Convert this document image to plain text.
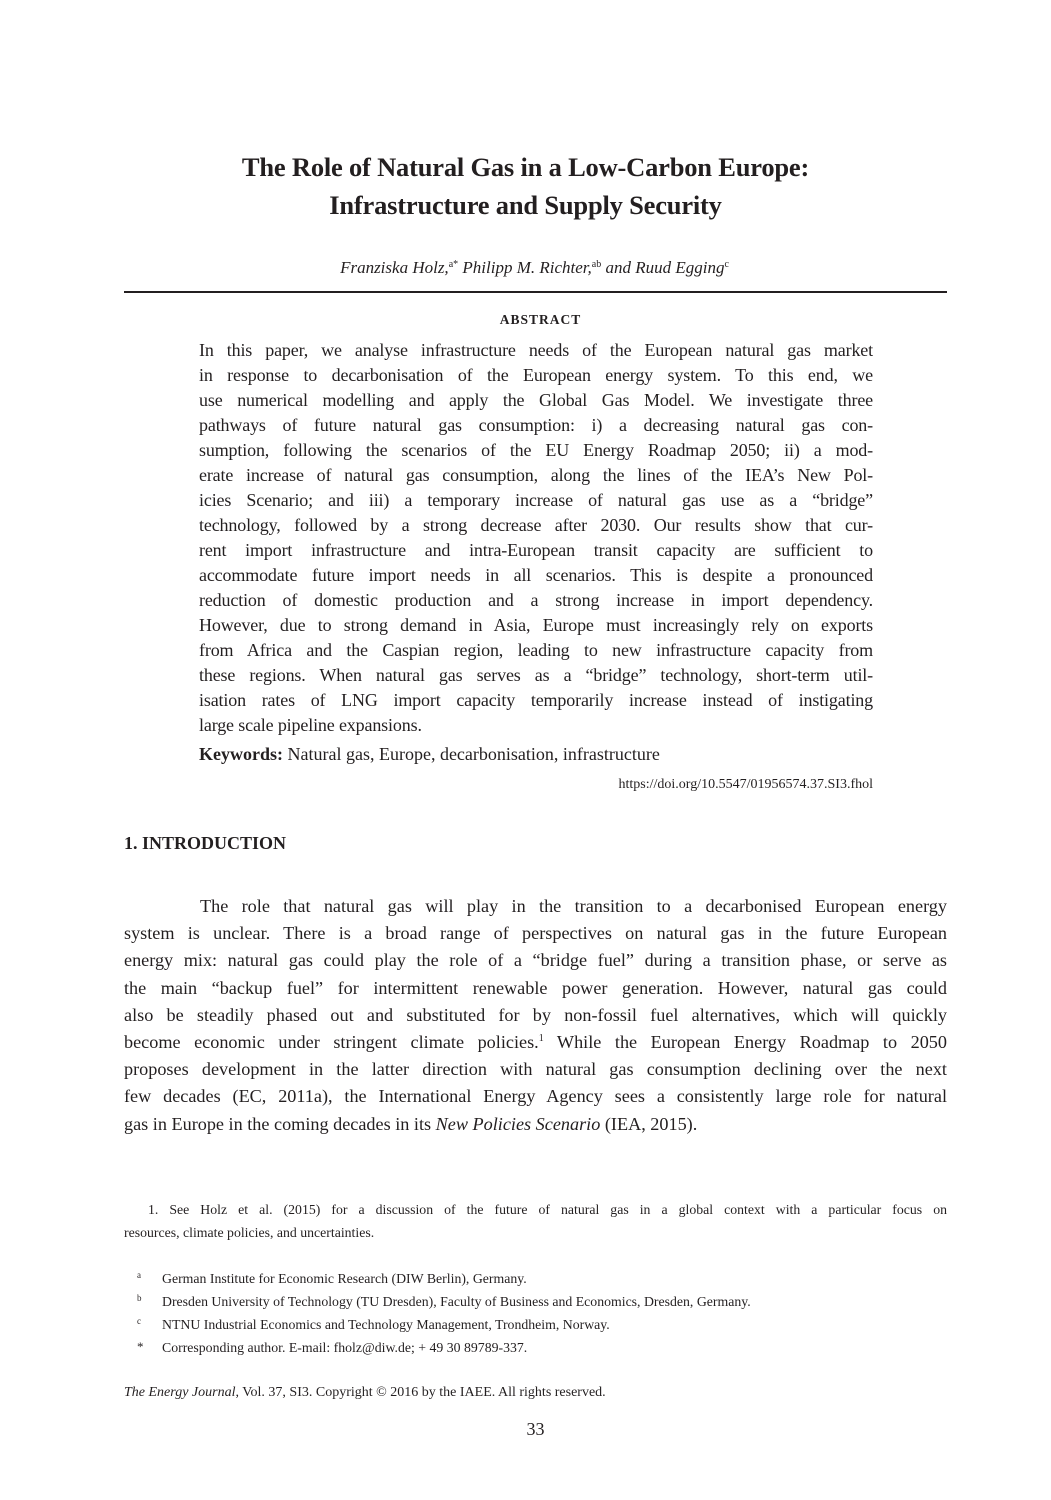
The Role of Natural Gas in a Low-Carbon Europe:
Infrastructure and Supply Security
Franziska Holz,$^{a*}$ Philipp M. Richter,$^{ab}$ and Ruud Egging$^c$
ABSTRACT
In this paper, we analyse infrastructure needs of the European natural gas market
in response to decarbonisation of the European energy system. To this end, we
use numerical modelling and apply the Global Gas Model. We investigate three
pathways of future natural gas consumption: i) a decreasing natural gas con-
sumption, following the scenarios of the EU Energy Roadmap 2050; ii) a mod-
erate increase of natural gas consumption, along the lines of the IEA’s New Pol-
icies Scenario; and iii) a temporary increase of natural gas use as a “bridge”
technology, followed by a strong decrease after 2030. Our results show that cur-
rent import infrastructure and intra-European transit capacity are sufficient to
accommodate future import needs in all scenarios. This is despite a pronounced
reduction of domestic production and a strong increase in import dependency.
However, due to strong demand in Asia, Europe must increasingly rely on exports
from Africa and the Caspian region, leading to new infrastructure capacity from
these regions. When natural gas serves as a “bridge” technology, short-term util-
isation rates of LNG import capacity temporarily increase instead of instigating
large scale pipeline expansions.
Keywords: Natural gas, Europe, decarbonisation, infrastructure
https://doi.org/10.5547/01956574.37.SI3.fhol
1. INTRODUCTION
The role that natural gas will play in the transition to a decarbonised European energy
system is unclear. There is a broad range of perspectives on natural gas in the future European
energy mix: natural gas could play the role of a “bridge fuel” during a transition phase, or serve as
the main “backup fuel” for intermittent renewable power generation. However, natural gas could
also be steadily phased out and substituted for by non-fossil fuel alternatives, which will quickly
become economic under stringent climate policies.$^1$ While the European Energy Roadmap to 2050
proposes development in the latter direction with natural gas consumption declining over the next
few decades (EC, 2011a), the International Energy Agency sees a consistently large role for natural
gas in Europe in the coming decades in its New Policies Scenario (IEA, 2015).
1. See Holz et al. (2015) for a discussion of the future of natural gas in a global context with a particular focus on
resources, climate policies, and uncertainties.
a	German Institute for Economic Research (DIW Berlin), Germany.
b	Dresden University of Technology (TU Dresden), Faculty of Business and Economics, Dresden, Germany.
c	NTNU Industrial Economics and Technology Management, Trondheim, Norway.
*	Corresponding author. E-mail: fholz@diw.de; + 49 30 89789-337.
The Energy Journal, Vol. 37, SI3. Copyright © 2016 by the IAEE. All rights reserved.
33
